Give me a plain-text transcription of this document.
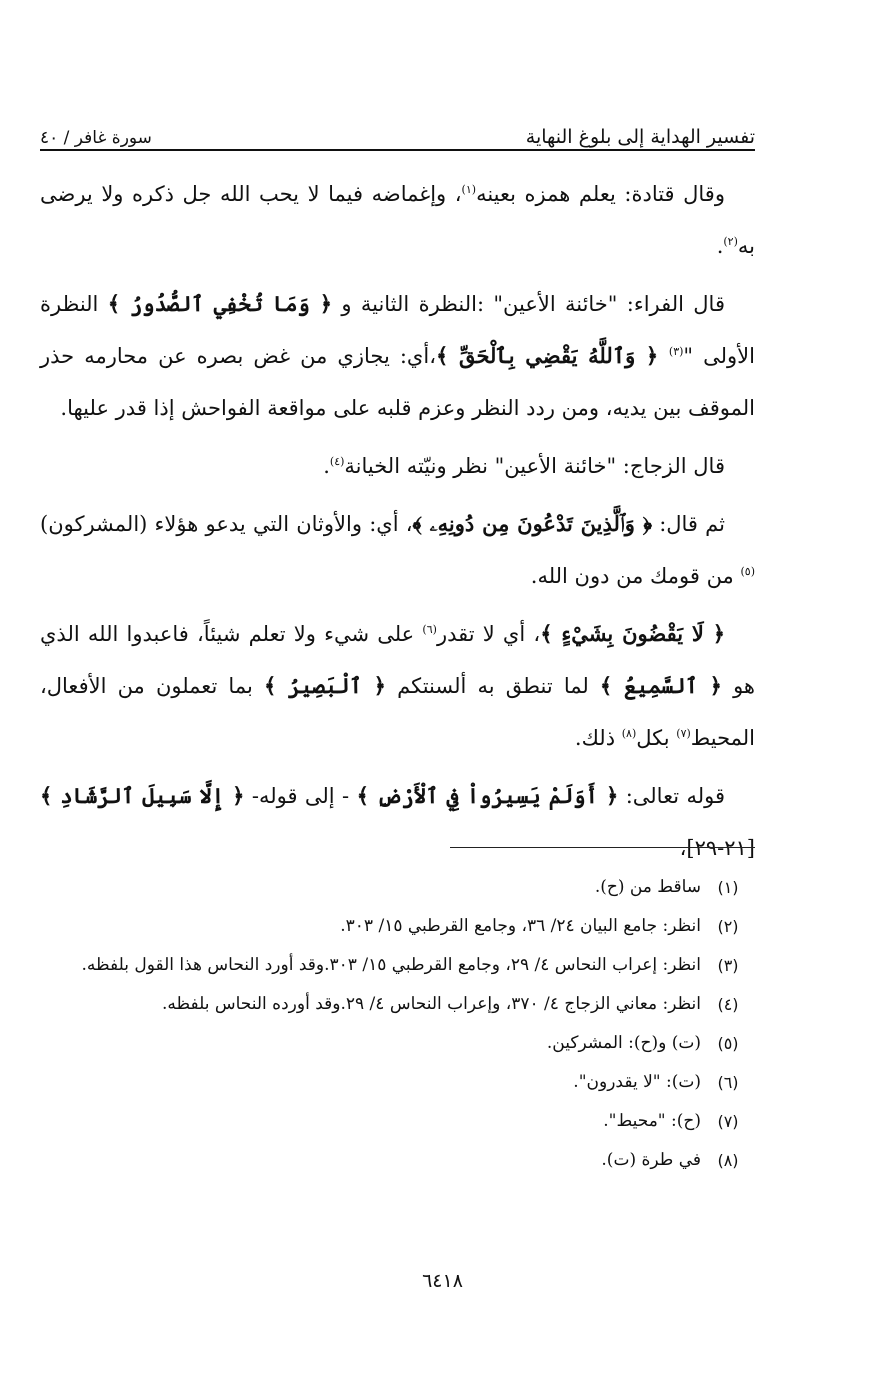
تفسير الهداية إلى بلوغ النهاية
سورة غافر / ٤٠

وقال قتادة: يعلم همزه بعينه$^{(١)}$، وإغماضه فيما لا يحب الله جل ذكره ولا يرضى به$^{(٢)}$.

قال الفراء: "خائنة الأعين" :النظرة الثانية و ﴿ وَمَا تُخْفِي ٱلصُّدُورُ ﴾ النظرة الأولى "$^{(٣)}$ ﴿ وَٱللَّهُ يَقْضِي بِٱلْحَقِّ ﴾،أي: يجازي من غض بصره عن محارمه حذر الموقف بين يديه، ومن ردد النظر وعزم قلبه على مواقعة الفواحش إذا قدر عليها.

قال الزجاج: "خائنة الأعين" نظر ونيّته الخيانة$^{(٤)}$.

ثم قال: ﴿ وَٱلَّذِينَ تَدْعُونَ مِن دُونِهِۦ ﴾، أي: والأوثان التي يدعو هؤلاء (المشركون)$^{(٥)}$ من قومك من دون الله.

﴿ لَا يَقْضُونَ بِشَيْءٍ ﴾، أي لا تقدر$^{(٦)}$ على شيء ولا تعلم شيئاً، فاعبدوا الله الذي هو ﴿ ٱلسَّمِيعُ ﴾ لما تنطق به ألسنتكم ﴿ ٱلْبَصِيرُ ﴾ بما تعملون من الأفعال، المحيط$^{(٧)}$ بكل$^{(٨)}$ ذلك.

قوله تعالى: ﴿ أَوَلَمْ يَسِيرُواْ فِي ٱلْأَرْضِ ﴾ - إلى قوله- ﴿ إِلَّا سَبِيلَ ٱلرَّشَادِ ﴾[٢١-٢٩]،

(١)
ساقط من (ح).
(٢)
انظر: جامع البيان ٢٤/ ٣٦، وجامع القرطبي ١٥/ ٣٠٣.
(٣)
انظر: إعراب النحاس ٤/ ٢٩، وجامع القرطبي ١٥/ ٣٠٣.وقد أورد النحاس هذا القول بلفظه.
(٤)
انظر: معاني الزجاج ٤/ ٣٧٠، وإعراب النحاس ٤/ ٢٩.وقد أورده النحاس بلفظه.
(٥)
(ت) و(ح): المشركين.
(٦)
(ت): "لا يقدرون".
(٧)
(ح): "محيط".
(٨)
في طرة (ت).
٦٤١٨
